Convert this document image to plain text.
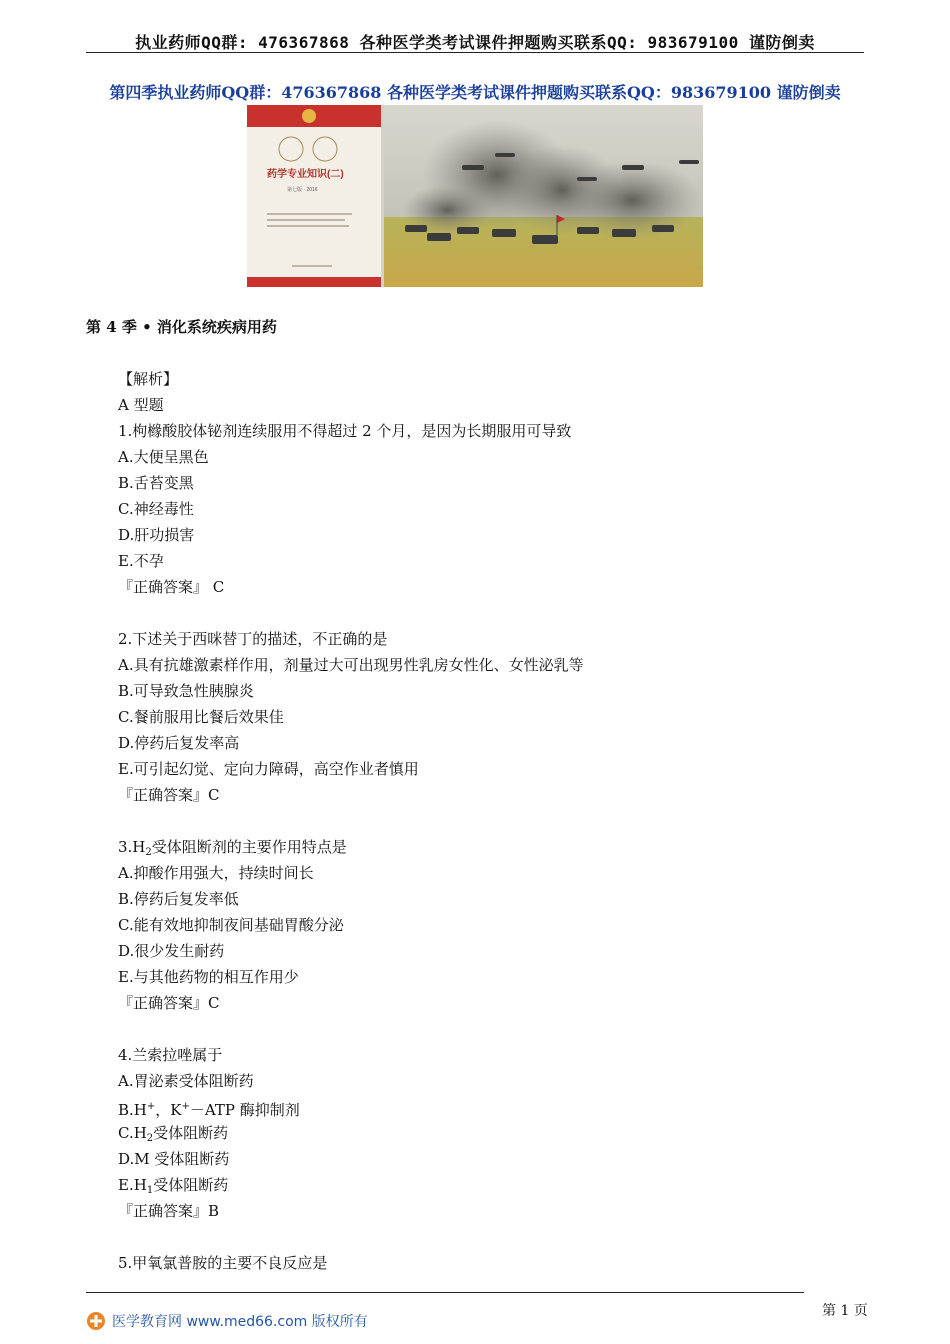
执业药师QQ群: 476367868 各种医学类考试课件押题购买联系QQ: 983679100 谨防倒卖
第四季执业药师QQ群：476367868 各种医学类考试课件押题购买联系QQ：983679100 谨防倒卖
药学专业知识(二)
第七版 · 2016
第 4 季 • 消化系统疾病用药
【解析】
A 型题
1.枸橼酸胶体铋剂连续服用不得超过 2 个月，是因为长期服用可导致
A.大便呈黑色
B.舌苔变黑
C.神经毒性
D.肝功损害
E.不孕
『正确答案』 C
2.下述关于西咪替丁的描述，不正确的是
A.具有抗雄激素样作用，剂量过大可出现男性乳房女性化、女性泌乳等
B.可导致急性胰腺炎
C.餐前服用比餐后效果佳
D.停药后复发率高
E.可引起幻觉、定向力障碍，高空作业者慎用
『正确答案』C
$3.H_2$受体阻断剂的主要作用特点是
A.抑酸作用强大，持续时间长
B.停药后复发率低
C.能有效地抑制夜间基础胃酸分泌
D.很少发生耐药
E.与其他药物的相互作用少
『正确答案』C
4.兰索拉唑属于
A.胃泌素受体阻断药
B.H+，K+－ATP 酶抑制剂
$C.H_2$受体阻断药
D.M 受体阻断药
$E.H_1$受体阻断药
『正确答案』B
5.甲氧氯普胺的主要不良反应是
医学教育网 www.med66.com 版权所有
第 1 页
